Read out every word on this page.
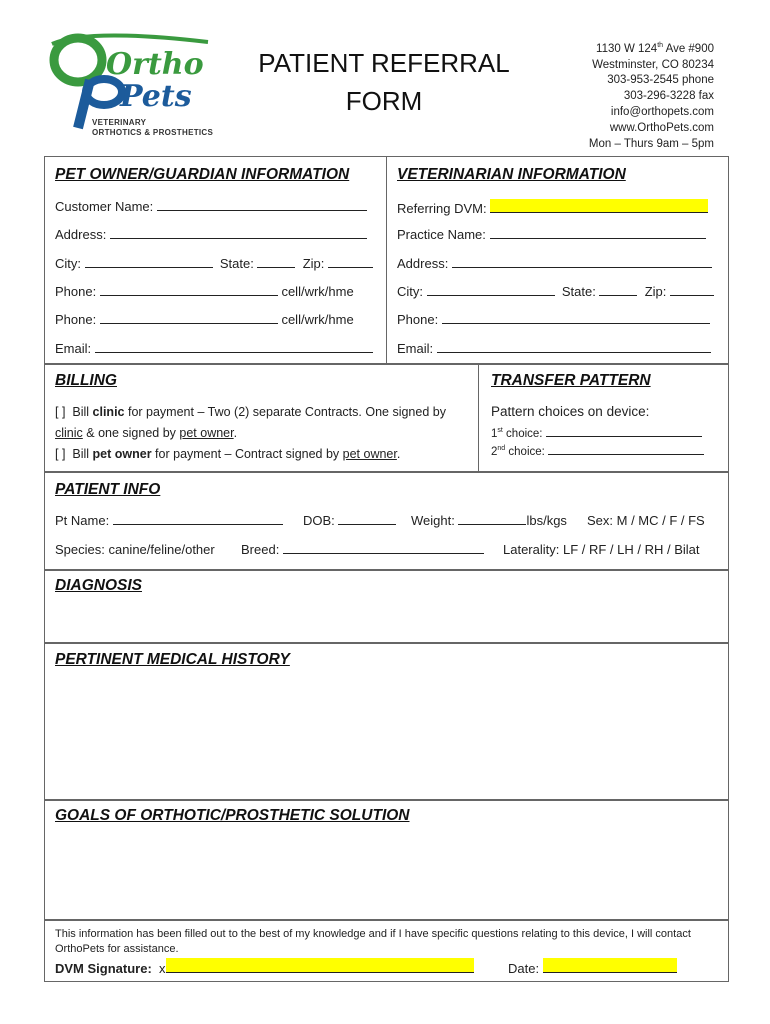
Ortho
Pets
VETERINARY
ORTHOTICS & PROSTHETICS
PATIENT REFERRAL
FORM
1130 W 124th Ave #900
Westminster, CO 80234
303-953-2545 phone
303-296-3228 fax
info@orthopets.com
www.OrthoPets.com
Mon – Thurs 9am – 5pm
PET OWNER/GUARDIAN INFORMATION	VETERINARIAN INFORMATION
Customer Name:
Address:
City:	State:	Zip:
Phone:	cell/wrk/hme
Phone:	cell/wrk/hme
Email:
Referring DVM:
Practice Name:
Address:
City:	State:	Zip:
Phone:
Email:
BILLING
[ ] Bill clinic for payment – Two (2) separate Contracts. One signed by
clinic & one signed by pet owner.
[ ] Bill pet owner for payment – Contract signed by pet owner.
TRANSFER PATTERN
Pattern choices on device:
1st choice:
2nd choice:
PATIENT INFO
Pt Name:	DOB:	Weight:	lbs/kgs Sex: M / MC / F / FS
Species: canine/feline/other Breed:	Laterality: LF / RF / LH / RH / Bilat
DIAGNOSIS
PERTINENT MEDICAL HISTORY
GOALS OF ORTHOTIC/PROSTHETIC SOLUTION
This information has been filled out to the best of my knowledge and if I have specific questions relating to this device, I will contact OrthoPets for assistance.
DVM Signature: x	Date:
